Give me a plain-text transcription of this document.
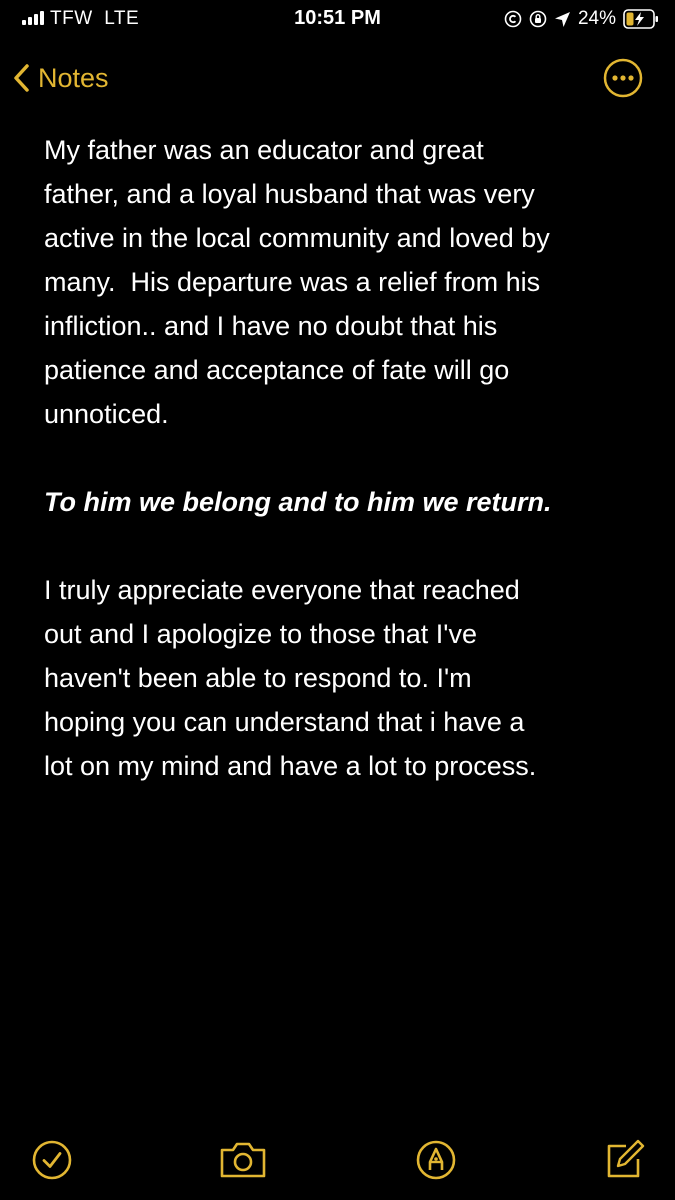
TFW  LTE	10:51 PM	24%
Notes

My father was an educator and great

father, and a loyal husband that was very

active in the local community and loved by

many.  His departure was a relief from his

infliction.. and I have no doubt that his

patience and acceptance of fate will go

unnoticed.

To him we belong and to him we return.

I truly appreciate everyone that reached

out and I apologize to those that I've

haven't been able to respond to. I'm

hoping you can understand that i have a

lot on my mind and have a lot to process.
